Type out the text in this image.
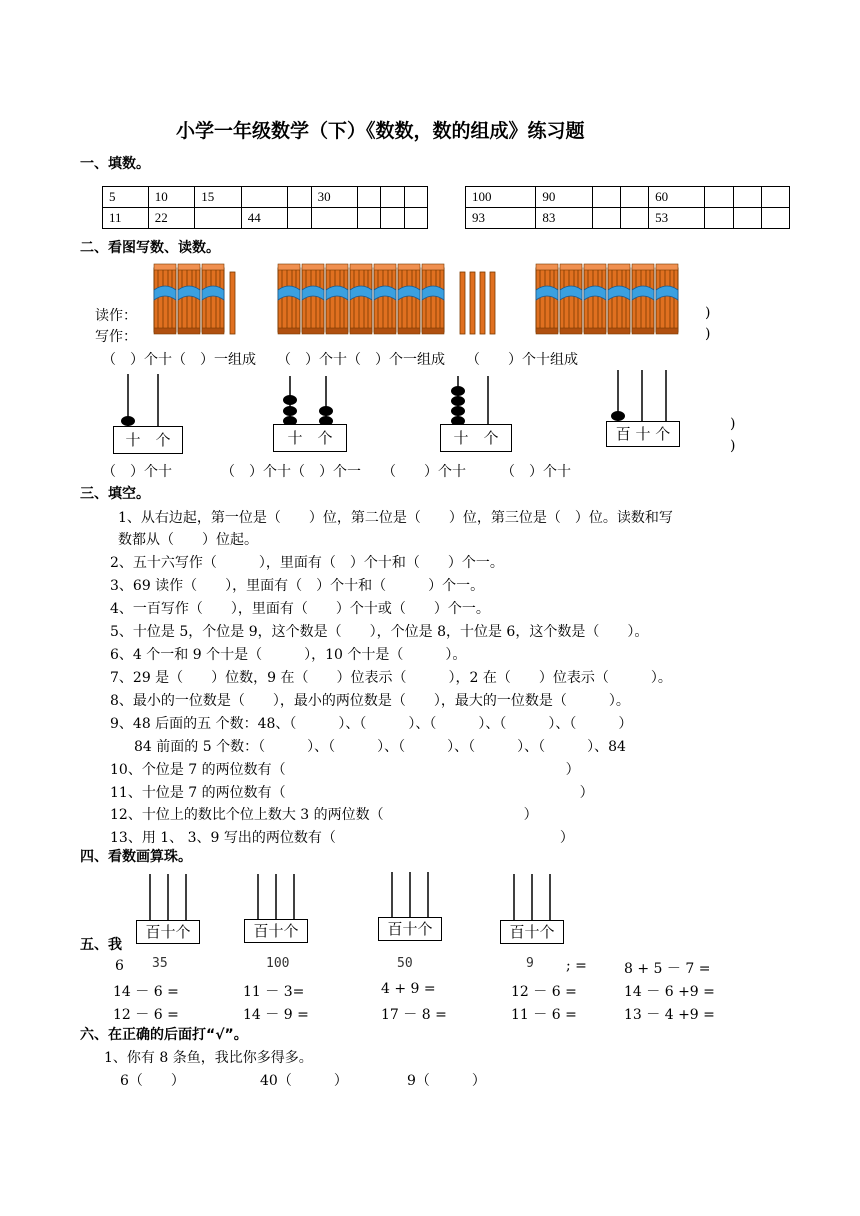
小学一年级数学（下）《数数，数的组成》练习题
一、填数。
5	10	15			30			
11	22		44					
100	90			60			
93	83			53			
二、看图写数、读数。
读作：
写作：
)
)
（　）个十（　）一组成　　（　）个十（　）个一组成　　（　　）个十组成
十　个	十　个	十　个	百 十 个
)
)
（　）个十　　　　（　）个十（　）个一　　（　　）个十　　　（　）个十
三、填空。
1、从右边起，第一位是（　　）位，第二位是（　　）位，第三位是（　）位。读数和写
数都从（　　）位起。
2、五十六写作（　　　），里面有（　）个十和（　　）个一。
3、69 读作（　　），里面有（　）个十和（　　　）个一。
4、一百写作（　　），里面有（　　）个十或（　　）个一。
5、十位是 5，个位是 9，这个数是（　　），个位是 8，十位是 6，这个数是（　　）。
6、4 个一和 9 个十是（　　　），10 个十是（　　　）。
7、29 是（　　）位数，9 在（　　）位表示（　　　），2 在（　　）位表示（　　　）。
8、最小的一位数是（　　），最小的两位数是（　　），最大的一位数是（　　　）。
9、48 后面的五 个数：48、（　　　）、（　　　）、（　　　）、（　　　）、（　　　）
84 前面的 5 个数：（　　　）、（　　　）、（　　　）、（　　　）、（　　　）、84
10、个位是 7 的两位数有（　　　　　　　　　　　　　　　　　　　　）
11、十位是 7 的两位数有（　　　　　　　　　　　　　　　　　　　　　）
12、十位上的数比个位上数大 3 的两位数（　　　　　　　　　　）
13、用 1、 3、9 写出的两位数有（　　　　　　　　　　　　　　　　）
四、看数画算珠。
百十个	百十个	百十个	百十个
35	100	50	9
五、我
6	; =	8 + 5 － 7 =
14 － 6 =	11 － 3=	4 + 9 =	12 － 6 =	14 － 6 +9 =
12 － 6 =	14 － 9 =	17 － 8 =	11 － 6 =	13 － 4 +9 =
六、在正确的后面打“√”。
1、你有 8 条鱼，我比你多得多。
6（　　）	40（　　　）	9（　　　）
